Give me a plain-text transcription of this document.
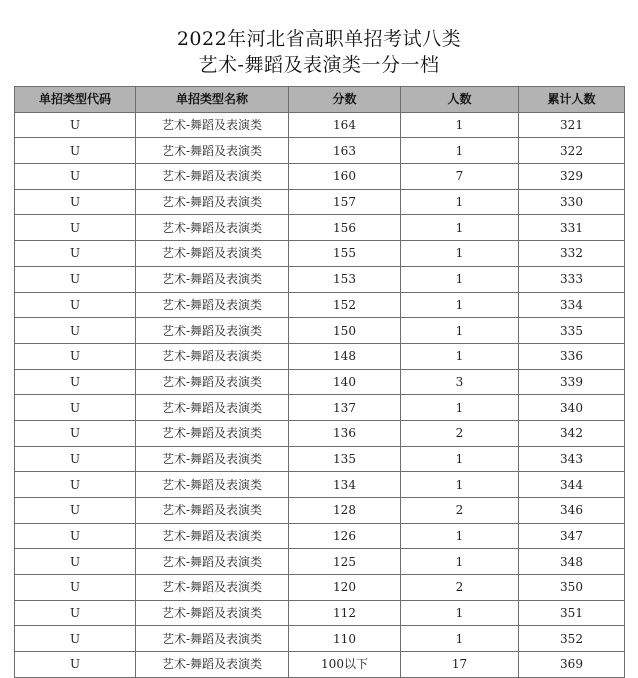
2022年河北省高职单招考试八类
艺术-舞蹈及表演类一分一档
单招类型代码	单招类型名称	分数	人数	累计人数
U	艺术-舞蹈及表演类	164	1	321
U	艺术-舞蹈及表演类	163	1	322
U	艺术-舞蹈及表演类	160	7	329
U	艺术-舞蹈及表演类	157	1	330
U	艺术-舞蹈及表演类	156	1	331
U	艺术-舞蹈及表演类	155	1	332
U	艺术-舞蹈及表演类	153	1	333
U	艺术-舞蹈及表演类	152	1	334
U	艺术-舞蹈及表演类	150	1	335
U	艺术-舞蹈及表演类	148	1	336
U	艺术-舞蹈及表演类	140	3	339
U	艺术-舞蹈及表演类	137	1	340
U	艺术-舞蹈及表演类	136	2	342
U	艺术-舞蹈及表演类	135	1	343
U	艺术-舞蹈及表演类	134	1	344
U	艺术-舞蹈及表演类	128	2	346
U	艺术-舞蹈及表演类	126	1	347
U	艺术-舞蹈及表演类	125	1	348
U	艺术-舞蹈及表演类	120	2	350
U	艺术-舞蹈及表演类	112	1	351
U	艺术-舞蹈及表演类	110	1	352
U	艺术-舞蹈及表演类	100以下	17	369
